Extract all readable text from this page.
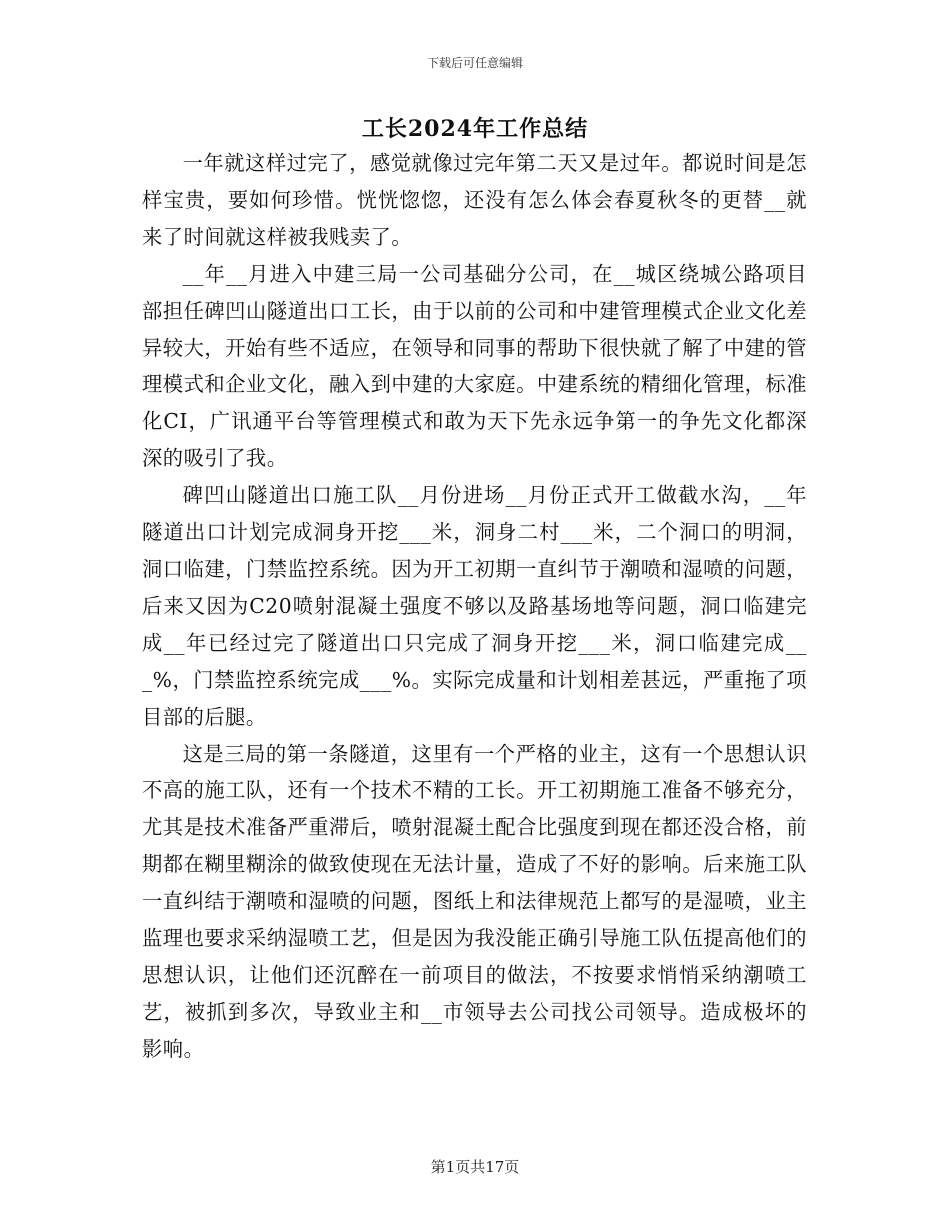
下载后可任意编辑
工长2024年工作总结

一年就这样过完了，感觉就像过完年第二天又是过年。都说时间是怎样宝贵，要如何珍惜。恍恍惚惚，还没有怎么体会春夏秋冬的更替__就来了时间就这样被我贱卖了。

__年__月进入中建三局一公司基础分公司，在__城区绕城公路项目部担任碑凹山隧道出口工长，由于以前的公司和中建管理模式企业文化差异较大，开始有些不适应，在领导和同事的帮助下很快就了解了中建的管理模式和企业文化，融入到中建的大家庭。中建系统的精细化管理，标准化CI，广讯通平台等管理模式和敢为天下先永远争第一的争先文化都深深的吸引了我。

碑凹山隧道出口施工队__月份进场__月份正式开工做截水沟，__年隧道出口计划完成洞身开挖___米，洞身二村___米，二个洞口的明洞，洞口临建，门禁监控系统。因为开工初期一直纠节于潮喷和湿喷的问题，后来又因为C20喷射混凝土强度不够以及路基场地等问题，洞口临建完成__年已经过完了隧道出口只完成了洞身开挖___米，洞口临建完成___%，门禁监控系统完成___%。实际完成量和计划相差甚远，严重拖了项目部的后腿。

这是三局的第一条隧道，这里有一个严格的业主，这有一个思想认识不高的施工队，还有一个技术不精的工长。开工初期施工准备不够充分，尤其是技术准备严重滞后，喷射混凝土配合比强度到现在都还没合格，前期都在糊里糊涂的做致使现在无法计量，造成了不好的影响。后来施工队一直纠结于潮喷和湿喷的问题，图纸上和法律规范上都写的是湿喷，业主监理也要求采纳湿喷工艺，但是因为我没能正确引导施工队伍提高他们的思想认识，让他们还沉醉在一前项目的做法，不按要求悄悄采纳潮喷工艺，被抓到多次，导致业主和__市领导去公司找公司领导。造成极坏的影响。

第1页共17页
